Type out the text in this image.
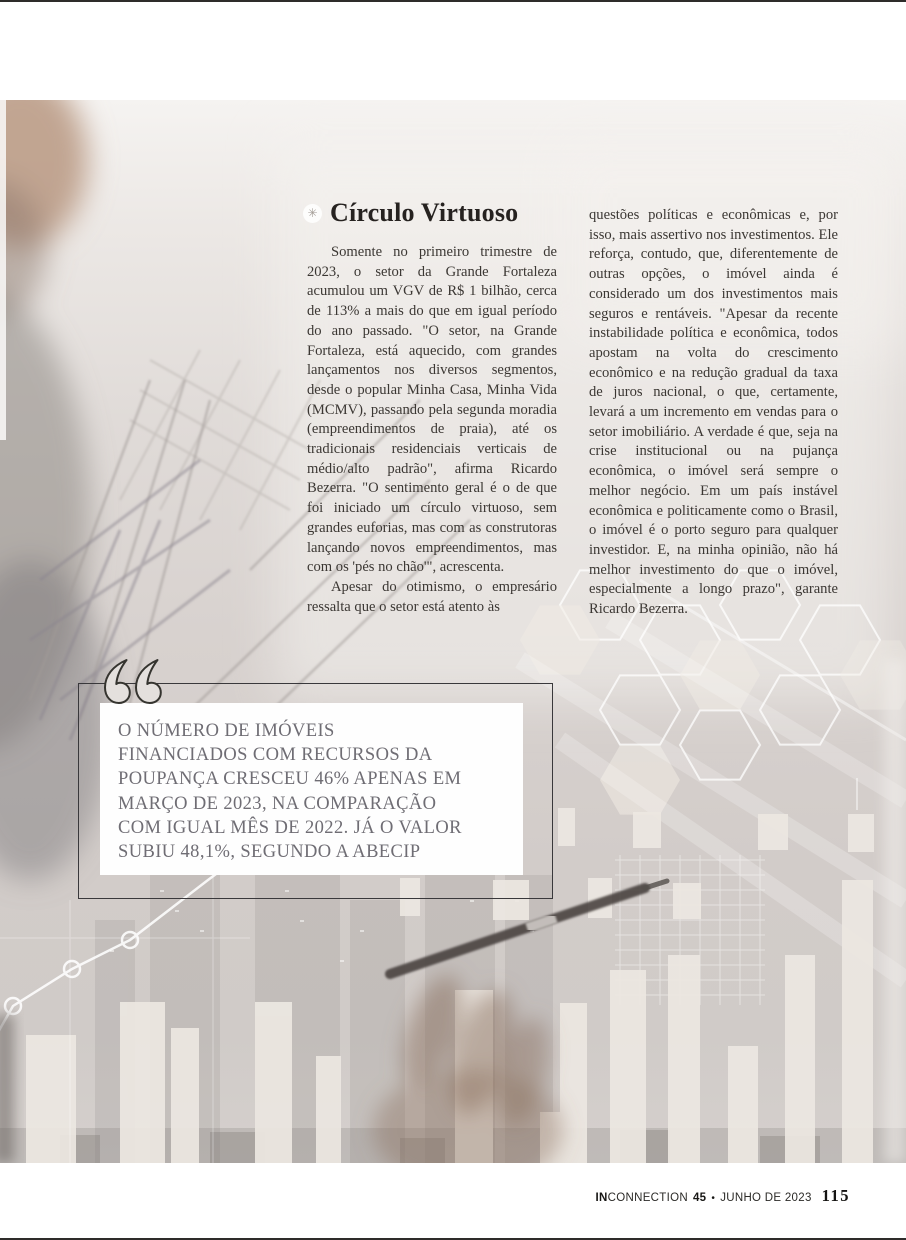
✳ Círculo Virtuoso

Somente no primeiro trimestre de 2023, o setor da Grande Fortaleza acumulou um VGV de R$ 1 bilhão, cerca de 113% a mais do que em igual período do ano passado. "O setor, na Grande Fortaleza, está aquecido, com grandes lançamentos nos diversos segmentos, desde o popular Minha Casa, Minha Vida (MCMV), passando pela segunda moradia (empreendimentos de praia), até os tradicionais residenciais verticais de médio/alto padrão", afirma Ricardo Bezerra. "O sentimento geral é o de que foi iniciado um círculo virtuoso, sem grandes euforias, mas com as construtoras lançando novos empreendimentos, mas com os 'pés no chão'", acrescenta.

Apesar do otimismo, o empresário ressalta que o setor está atento às

questões políticas e econômicas e, por isso, mais assertivo nos investimentos. Ele reforça, contudo, que, diferentemente de outras opções, o imóvel ainda é considerado um dos investimentos mais seguros e rentáveis. "Apesar da recente instabilidade política e econômica, todos apostam na volta do crescimento econômico e na redução gradual da taxa de juros nacional, o que, certamente, levará a um incremento em vendas para o setor imobiliário. A verdade é que, seja na crise institucional ou na pujança econômica, o imóvel será sempre o melhor negócio. Em um país instável econômica e politicamente como o Brasil, o imóvel é o porto seguro para qualquer investidor. E, na minha opinião, não há melhor investimento do que o imóvel, especialmente a longo prazo", garante Ricardo Bezerra.

O NÚMERO DE IMÓVEIS
FINANCIADOS COM RECURSOS DA
POUPANÇA CRESCEU 46% APENAS EM
MARÇO DE 2023, NA COMPARAÇÃO
COM IGUAL MÊS DE 2022. JÁ O VALOR
SUBIU 48,1%, SEGUNDO A ABECIP
IN CONNECTION 45 • JUNHO DE 2023 115
